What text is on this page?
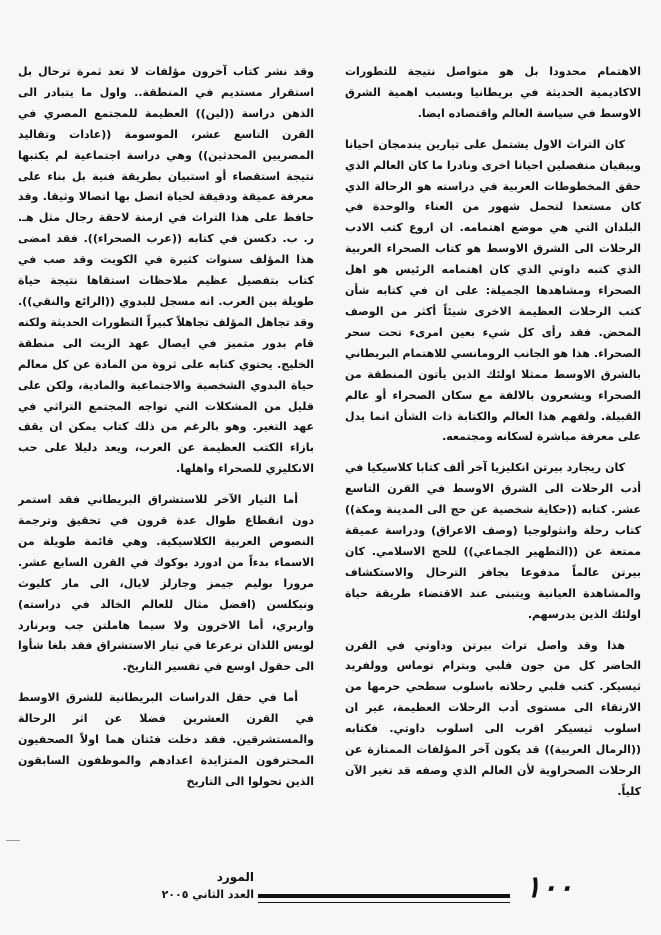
الاهتمام محدودا بل هو متواصل نتيجة للتطورات الاكاديمية الحديثة في بريطانيا وبسبب اهمية الشرق الاوسط في سياسة العالم واقتصاده ايضا.

كان التراث الاول يشتمل على تيارين يندمجان احيانا ويبقيان منفصلين احيانا اخرى ونادرا ما كان العالم الذي حقق المخطوطات العربية في دراسته هو الرحالة الذي كان مستعدا لتحمل شهور من العناء والوحدة في البلدان التي هي موضع اهتمامه. ان اروع كتب الادب الرحلات الى الشرق الاوسط هو كتاب الصحراء العربية الذي كتبه داوتي الذي كان اهتمامه الرئيس هو اهل الصحراء ومشاهدها الجميلة: على ان في كتابه شأن كتب الرحلات العظيمة الاخرى شيئاً أكثر من الوصف المحض. فقد رأى كل شيء بعين امرىء تحت سحر الصحراء. هذا هو الجانب الرومانسي للاهتمام البريطاني بالشرق الاوسط ممثلا اولئك الذين يأتون المنطقة من الصحراء ويشعرون بالالفة مع سكان الصحراء أو عالم القبيلة. ولفهم هذا العالم والكتابة ذات الشأن انما يدل على معرفة مباشرة لسكانه ومجتمعه.

كان ريجارد بيرتن انكليزيا آخر ألف كتابا كلاسيكيا في أدب الرحلات الى الشرق الاوسط في القرن التاسع عشر. كتابه ((حكاية شخصية عن حج الى المدينة ومكة)) كتاب رحلة وانثولوجيا (وصف الاعراق) ودراسة عميقة ممتعة عن ((التطهير الجماعي)) للحج الاسلامي. كان بيرتن عالماً مدفوعا بجافز الترحال والاستكشاف والمشاهدة العيانية ويتبنى عند الاقتضاء طريقة حياة اولئك الذين يدرسهم.

هذا وقد واصل تراث بيرتن وداوتي في القرن الحاضر كل من جون فلبي وبترام توماس وولفريد ثيسيكر. كتب فلبي رحلاته باسلوب سطحي حرمها من الارتقاء الى مستوى أدب الرحلات العظيمة، غير ان اسلوب ثيسيكر اقرب الى اسلوب داوتي. فكتابه ((الرمال العربية)) قد يكون آخر المؤلفات الممتازة عن الرحلات الصحراوية لأن العالم الذي وصفه قد تغير الآن كلياً.

وقد نشر كتاب آخرون مؤلفات لا تعد ثمرة ترحال بل استقرار مستديم في المنطقة.. واول ما يتبادر الى الذهن دراسة ((لين)) العظيمة للمجتمع المصري في القرن التاسع عشر، الموسومة ((عادات وتقاليد المصريين المحدثين)) وهي دراسة اجتماعية لم يكتبها نتيجة استقصاء أو استبيان بطريقة فنية بل بناء على معرفة عميقة ودقيقة لحياة اتصل بها اتصالا وثيقا. وقد حافظ على هذا التراث في ازمنة لاحقة رجال مثل هـ. ر. ب. دكسن في كتابه ((عرب الصحراء)). فقد امضى هذا المؤلف سنوات كثيرة في الكويت وقد صب في كتاب بتفصيل عظيم ملاحظات استقاها نتيجة حياة طويلة بين العرب. انه مسجل للبدوي ((الرائع والنقي)). وقد تجاهل المؤلف تجاهلاً كبيراً التطورات الحديثة ولكنه قام بدور متميز في ايصال عهد الزيت الى منطقة الخليج. يحتوي كتابه على ثروة من المادة عن كل معالم حياة البدوي الشخصية والاجتماعية والمادية، ولكن على قليل من المشكلات التي تواجه المجتمع التراثي في عهد التغير. وهو بالرغم من ذلك كتاب يمكن ان يقف بازاء الكتب العظيمة عن العرب، ويعد دليلا على حب الانكليزي للصحراء واهلها.

أما التيار الآخر للاستشراق البريطاني فقد استمر دون انقطاع طوال عدة قرون في تحقيق وترجمة النصوص العربية الكلاسيكية. وهي قائمة طويلة من الاسماء بدءاً من ادورد بوكوك في القرن السابع عشر. مرورا بوليم جيمز وجارلز لايال، الى مار كليوث ونيكلسن (افضل مثال للعالم الخالد في دراسته) واربري، أما الاخرون ولا سيما هاملتن جب وبرنارد لويس اللذان ترعرعا في تيار الاستشراق فقد بلغا شأوا الى حقول اوسع في تفسير التاريخ.

أما في حقل الدراسات البريطانية للشرق الاوسط في القرن العشرين فضلا عن اثر الرحالة والمستشرقين. فقد دخلت فئتان هما اولاً الصحفيون المحترفون المتزايدة اعدادهم والموظفون السابقون الذين تحولوا الى التاريخ

١٠٠
المورد
العدد الثاني ٢٠٠٥
